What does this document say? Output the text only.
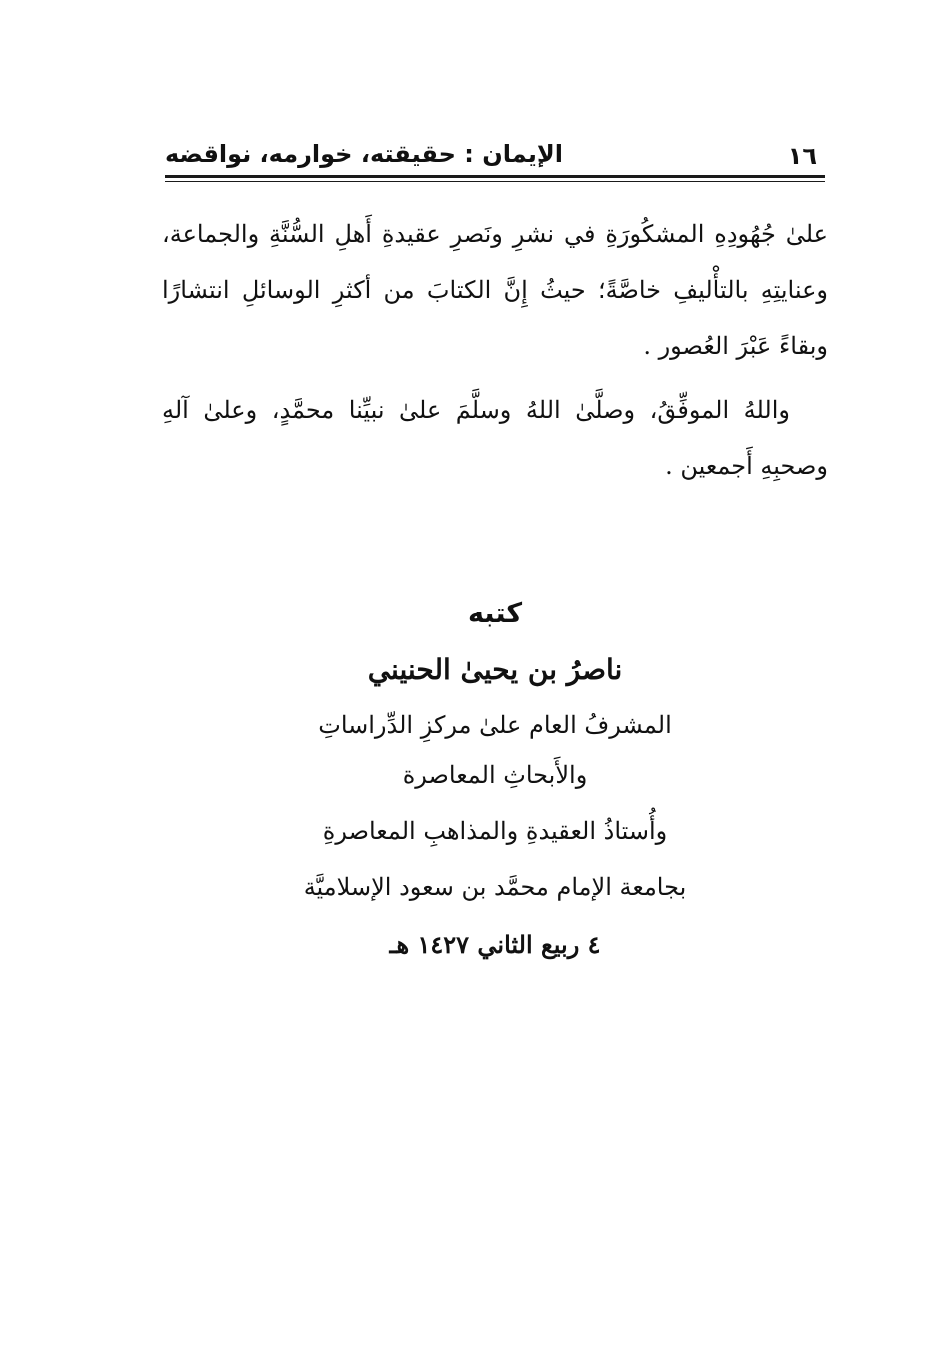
١٦
الإيمان : حقيقته، خوارمه، نواقضه

علىٰ جُهُودِهِ المشكُورَةِ في نشرِ ونَصرِ عقيدةِ أَهلِ السُّنَّةِ والجماعة، وعنايتِهِ بالتأْليفِ خاصَّةً؛ حيثُ إِنَّ الكتابَ من أكثرِ الوسائلِ انتشارًا وبقاءً عَبْرَ العُصور .

واللهُ الموفِّقُ، وصلَّىٰ اللهُ وسلَّمَ علىٰ نبيِّنا محمَّدٍ، وعلىٰ آلهِ وصحبِهِ أَجمعين .

كتبه
ناصرُ بن يحيىٰ الحنيني
المشرفُ العام علىٰ مركزِ الدِّراساتِ
والأَبحاثِ المعاصرة
وأُستاذُ العقيدةِ والمذاهبِ المعاصرةِ
بجامعة الإمام محمَّد بن سعود الإسلاميَّة
٤ ربيع الثاني ١٤٢٧ هـ
